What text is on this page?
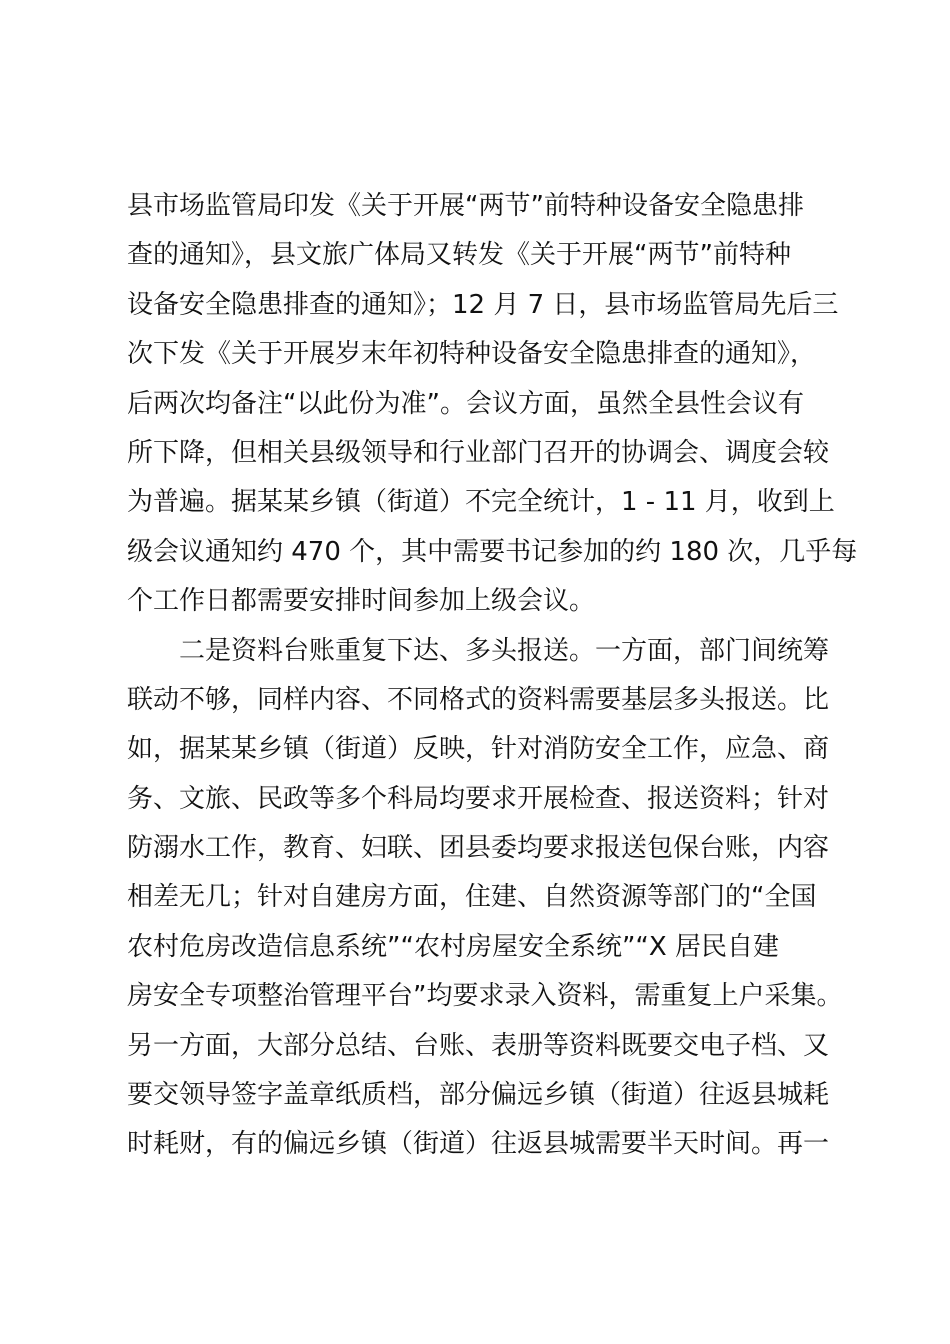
县市场监管局印发《关于开展“两节”前特种设备安全隐患排
查的通知》，县文旅广体局又转发《关于开展“两节”前特种
设备安全隐患排查的通知》；12 月 7 日，县市场监管局先后三
次下发《关于开展岁末年初特种设备安全隐患排查的通知》，
后两次均备注“以此份为准”。会议方面，虽然全县性会议有
所下降，但相关县级领导和行业部门召开的协调会、调度会较
为普遍。据某某乡镇（街道）不完全统计，1 - 11 月，收到上
级会议通知约 470 个，其中需要书记参加的约 180 次，几乎每
个工作日都需要安排时间参加上级会议。
二是资料台账重复下达、多头报送。一方面，部门间统筹
联动不够，同样内容、不同格式的资料需要基层多头报送。比
如，据某某乡镇（街道）反映，针对消防安全工作，应急、商
务、文旅、民政等多个科局均要求开展检查、报送资料；针对
防溺水工作，教育、妇联、团县委均要求报送包保台账，内容
相差无几；针对自建房方面，住建、自然资源等部门的“全国
农村危房改造信息系统”“农村房屋安全系统”“X 居民自建
房安全专项整治管理平台”均要求录入资料，需重复上户采集。
另一方面，大部分总结、台账、表册等资料既要交电子档、又
要交领导签字盖章纸质档，部分偏远乡镇（街道）往返县城耗
时耗财，有的偏远乡镇（街道）往返县城需要半天时间。再一
